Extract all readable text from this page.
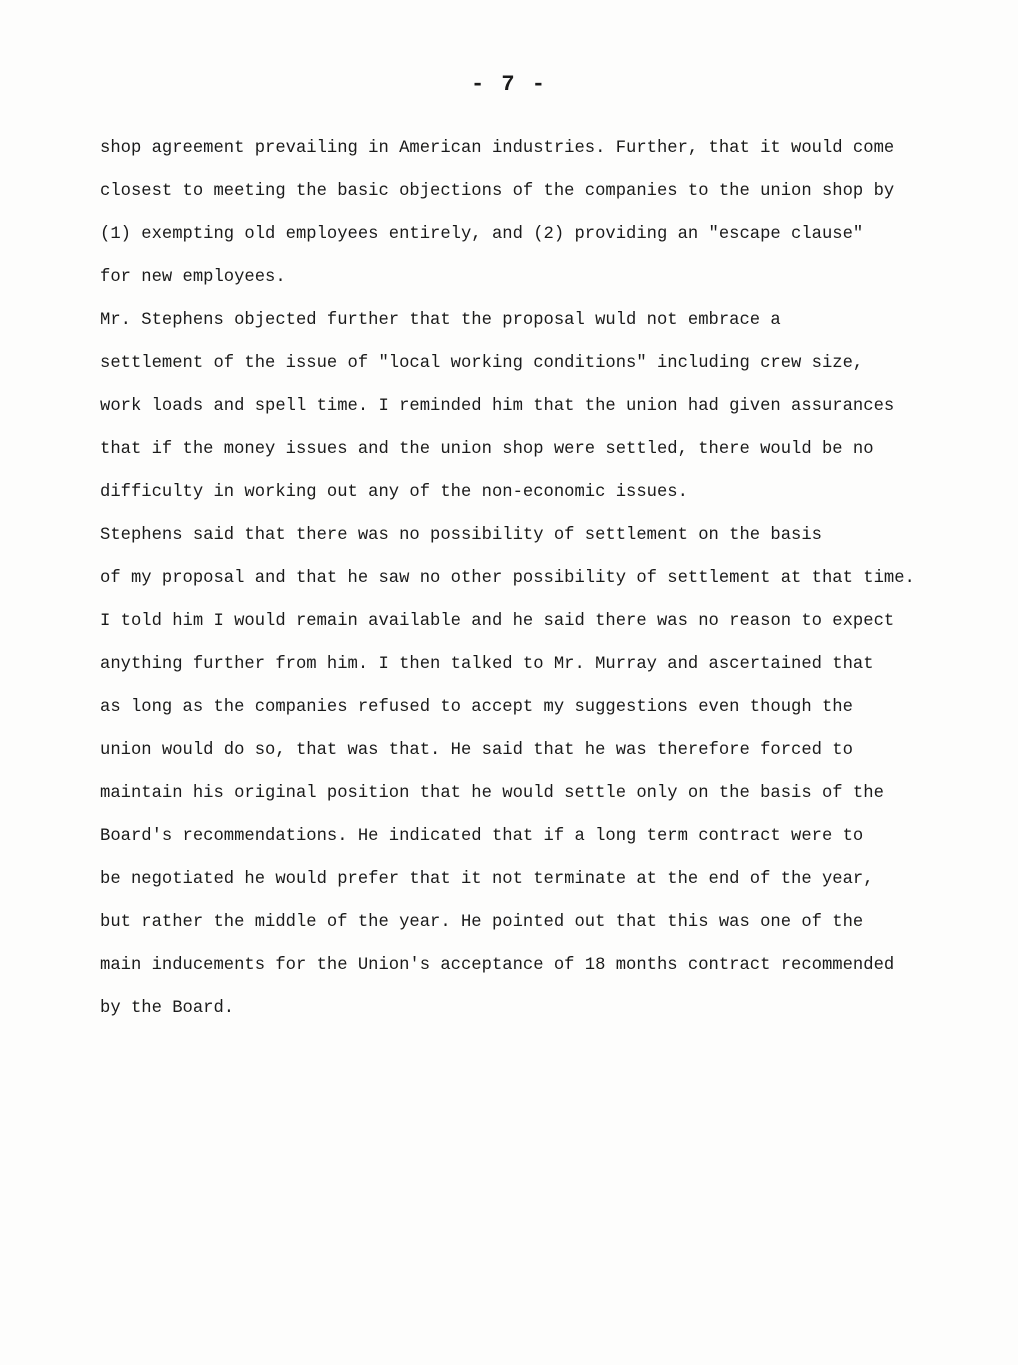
- 7 -
shop agreement prevailing in American industries. Further, that it would come
closest to meeting the basic objections of the companies to the union shop by
(1) exempting old employees entirely, and (2) providing an "escape clause"
for new employees.
Mr. Stephens objected further that the proposal wuld not embrace a
settlement of the issue of "local working conditions" including crew size,
work loads and spell time. I reminded him that the union had given assurances
that if the money issues and the union shop were settled, there would be no
difficulty in working out any of the non-economic issues.
Stephens said that there was no possibility of settlement on the basis
of my proposal and that he saw no other possibility of settlement at that time.
I told him I would remain available and he said there was no reason to expect
anything further from him. I then talked to Mr. Murray and ascertained that
as long as the companies refused to accept my suggestions even though the
union would do so, that was that. He said that he was therefore forced to
maintain his original position that he would settle only on the basis of the
Board's recommendations. He indicated that if a long term contract were to
be negotiated he would prefer that it not terminate at the end of the year,
but rather the middle of the year. He pointed out that this was one of the
main inducements for the Union's acceptance of 18 months contract recommended
by the Board.
